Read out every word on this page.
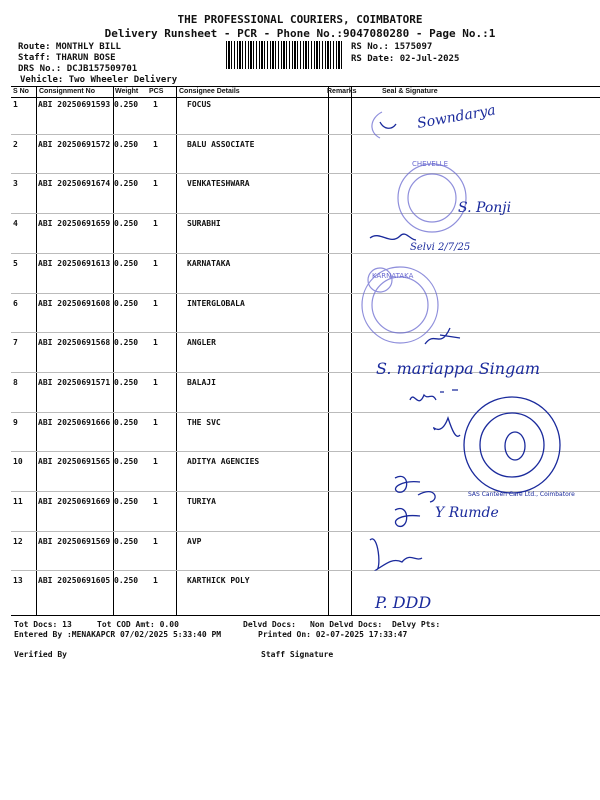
THE PROFESSIONAL COURIERS, COIMBATORE
Delivery Runsheet - PCR - Phone No.:9047080280 - Page No.:1
Route: MONTHLY BILL
Staff: THARUN BOSE
DRS No.: DCJB157509701
Vehicle: Two Wheeler Delivery
RS No.: 1575097
RS Date: 02-Jul-2025
S No Consignment No	Weight PCS Consignee Details	Remarks	Seal & Signature
1	ABI 20250691593 0.250 1	FOCUS
2	ABI 20250691572 0.250 1	BALU ASSOCIATE
3	ABI 20250691674 0.250 1	VENKATESHWARA
4	ABI 20250691659 0.250 1	SURABHI
5	ABI 20250691613 0.250 1	KARNATAKA
6	ABI 20250691608 0.250 1	INTERGLOBALA
7	ABI 20250691568 0.250 1	ANGLER
8	ABI 20250691571 0.250 1	BALAJI
9	ABI 20250691666 0.250 1	THE SVC
10 ABI 20250691565 0.250 1	ADITYA AGENCIES
11 ABI 20250691669 0.250 1	TURIYA
12 ABI 20250691569 0.250 1	AVP
13 ABI 20250691605 0.250 1	KARTHICK POLY
Sowndarya
S. Ponji
Selvi 2/7/25
S. mariappa Singam
Y Rumde
P. DDD
CHEVELLE
KARNATAKA
SAS Canteen Care Ltd., Coimbatore
Tot Docs: 13	Tot COD Amt: 0.00	Delvd Docs: Non Delvd Docs: Delvy Pts:
Entered By :MENAKAPCR 07/02/2025 5:33:40 PM	Printed On: 02-07-2025 17:33:47
Verified By	Staff Signature
